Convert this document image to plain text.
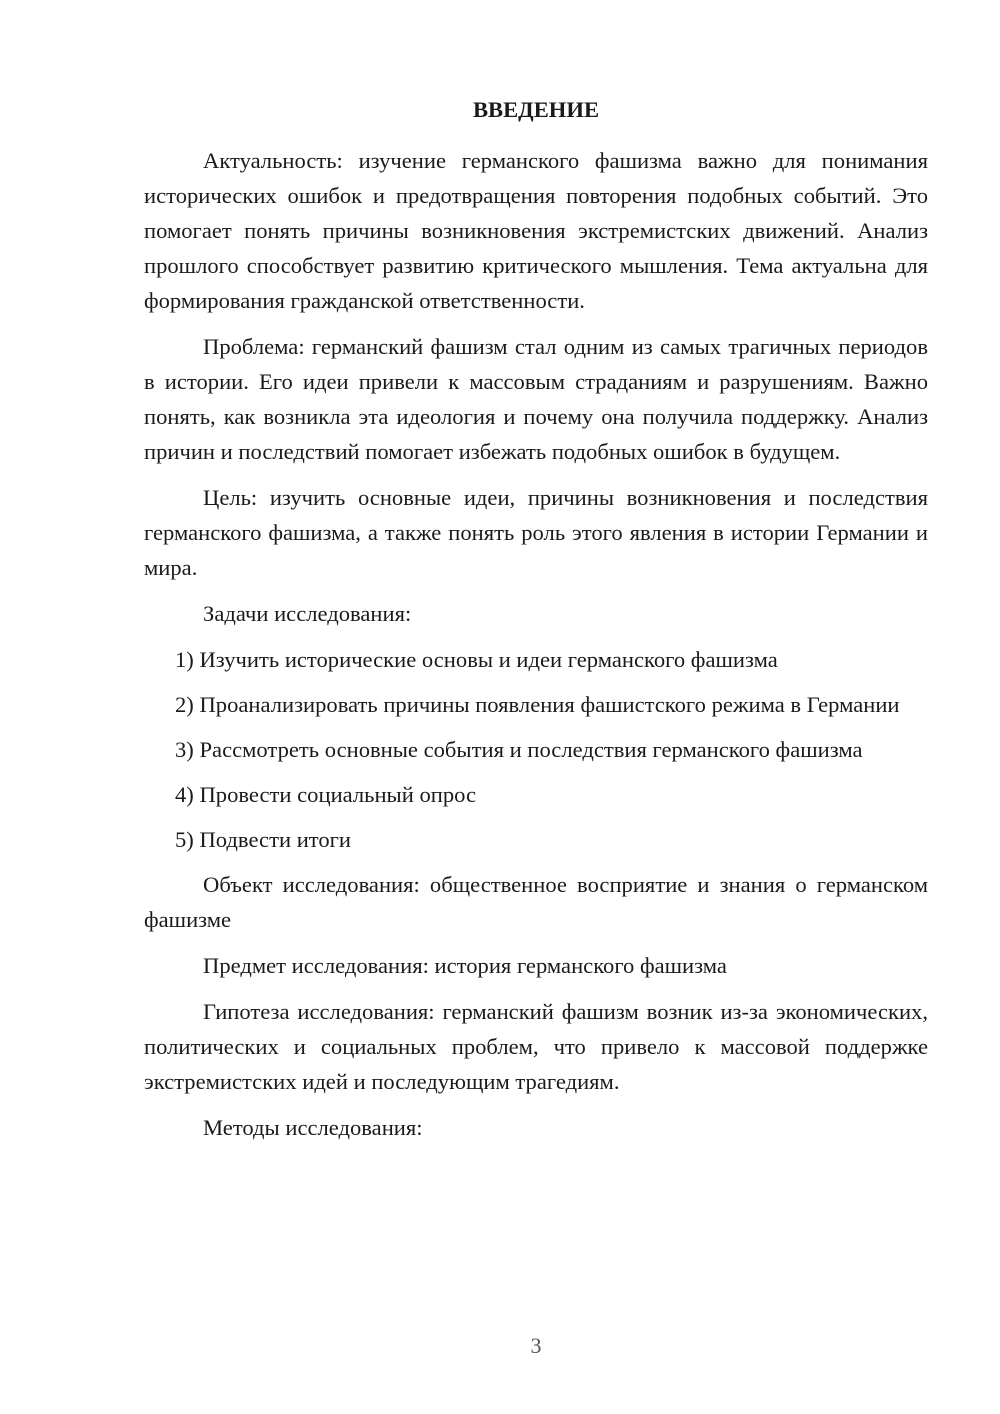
ВВЕДЕНИЕ

Актуальность: изучение германского фашизма важно для понимания исторических ошибок и предотвращения повторения подобных событий. Это помогает понять причины возникновения экстремистских движений. Анализ прошлого способствует развитию критического мышления. Тема актуальна для формирования гражданской ответственности.

Проблема: германский фашизм стал одним из самых трагичных периодов в истории. Его идеи привели к массовым страданиям и разрушениям. Важно понять, как возникла эта идеология и почему она получила поддержку. Анализ причин и последствий помогает избежать подобных ошибок в будущем.

Цель: изучить основные идеи, причины возникновения и последствия германского фашизма, а также понять роль этого явления в истории Германии и мира.

Задачи исследования:

1) Изучить исторические основы и идеи германского фашизма

2) Проанализировать причины появления фашистского режима в Германии

3) Рассмотреть основные события и последствия германского фашизма

4) Провести социальный опрос

5) Подвести итоги

Объект исследования: общественное восприятие и знания о германском фашизме

Предмет исследования: история германского фашизма

Гипотеза исследования: германский фашизм возник из-за экономических, политических и социальных проблем, что привело к массовой поддержке экстремистских идей и последующим трагедиям.

Методы исследования:

3
